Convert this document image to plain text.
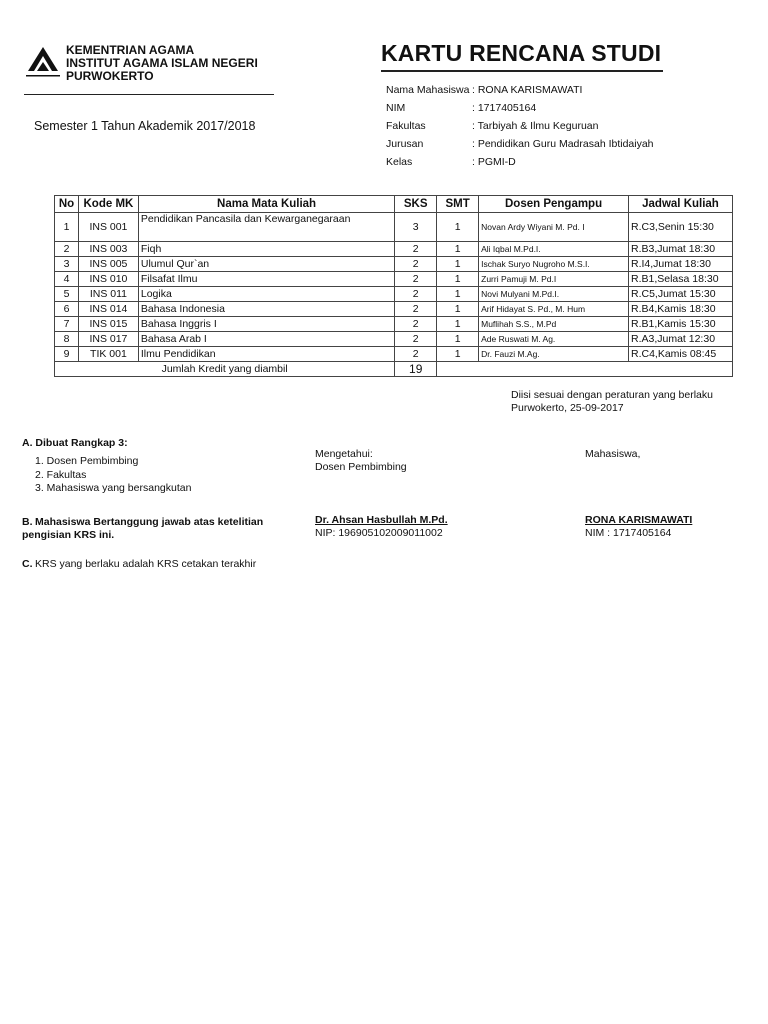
KEMENTRIAN AGAMA
INSTITUT AGAMA ISLAM NEGERI
PURWOKERTO
Semester 1 Tahun Akademik 2017/2018
KARTU RENCANA STUDI
Nama Mahasiswa : RONA KARISMAWATI
NIM	: 1717405164
Fakultas	: Tarbiyah & Ilmu Keguruan
Jurusan	: Pendidikan Guru Madrasah Ibtidaiyah
Kelas	: PGMI-D
No	Kode MK	Nama Mata Kuliah	SKS	SMT	Dosen Pengampu	Jadwal Kuliah
1	INS 001	Pendidikan Pancasila dan Kewarganegaraan	3	1	Novan Ardy Wiyani M. Pd. I	R.C3,Senin 15:30
2	INS 003	Fiqh	2	1	Ali Iqbal M.Pd.I.	R.B3,Jumat 18:30
3	INS 005	Ulumul Qur`an	2	1	Ischak Suryo Nugroho M.S.I.	R.I4,Jumat 18:30
4	INS 010	Filsafat Ilmu	2	1	Zurri Pamuji M. Pd.I	R.B1,Selasa 18:30
5	INS 011	Logika	2	1	Novi Mulyani M.Pd.I.	R.C5,Jumat 15:30
6	INS 014	Bahasa Indonesia	2	1	Arif Hidayat S. Pd., M. Hum	R.B4,Kamis 18:30
7	INS 015	Bahasa Inggris I	2	1	Muflihah S.S., M.Pd	R.B1,Kamis 15:30
8	INS 017	Bahasa Arab I	2	1	Ade Ruswati M. Ag.	R.A3,Jumat 12:30
9	TIK 001	Ilmu Pendidikan	2	1	Dr. Fauzi M.Ag.	R.C4,Kamis 08:45
Jumlah Kredit yang diambil			19			
Diisi sesuai dengan peraturan yang berlaku
Purwokerto, 25-09-2017
A. Dibuat Rangkap 3:
1. Dosen Pembimbing
2. Fakultas
3. Mahasiswa yang bersangkutan
Mengetahui:
Dosen Pembimbing
Mahasiswa,
B. Mahasiswa Bertanggung jawab atas ketelitian pengisian KRS ini.
Dr. Ahsan Hasbullah M.Pd.
NIP: 196905102009011002
RONA KARISMAWATI
NIM : 1717405164
C. KRS yang berlaku adalah KRS cetakan terakhir
